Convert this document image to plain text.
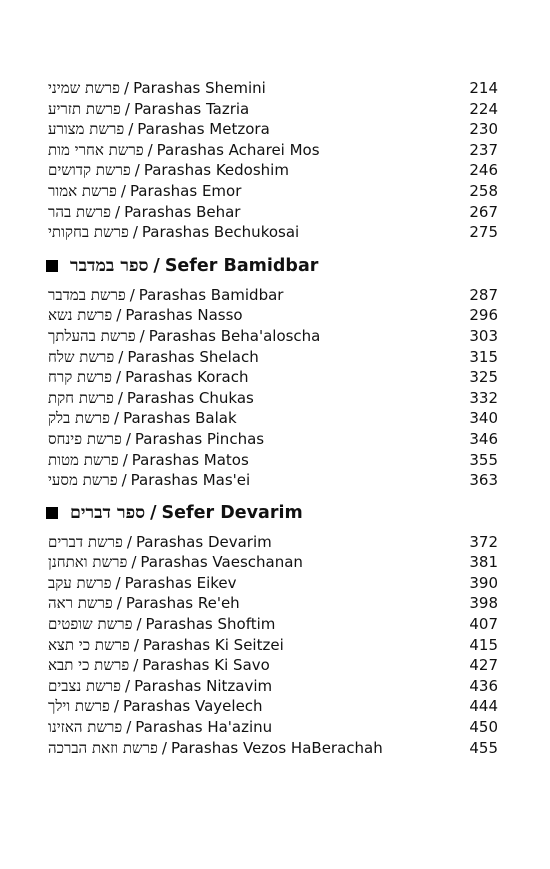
פרשת שמיני / Parashas Shemini	214
פרשת תזריע / Parashas Tazria	224
פרשת מצורע / Parashas Metzora	230
פרשת אחרי מות / Parashas Acharei Mos	237
פרשת קדושים / Parashas Kedoshim	246
פרשת אמור / Parashas Emor	258
פרשת בהר / Parashas Behar	267
פרשת בחקותי / Parashas Bechukosai	275
ספר במדבר / Sefer Bamidbar
פרשת במדבר / Parashas Bamidbar	287
פרשת נשא / Parashas Nasso	296
פרשת בהעלתך / Parashas Beha'aloscha	303
פרשת שלח / Parashas Shelach	315
פרשת קרח / Parashas Korach	325
פרשת חקת / Parashas Chukas	332
פרשת בלק / Parashas Balak	340
פרשת פינחס / Parashas Pinchas	346
פרשת מטות / Parashas Matos	355
פרשת מסעי / Parashas Mas'ei	363
ספר דברים / Sefer Devarim
פרשת דברים / Parashas Devarim	372
פרשת ואתחנן / Parashas Vaeschanan	381
פרשת עקב / Parashas Eikev	390
פרשת ראה / Parashas Re'eh	398
פרשת שופטים / Parashas Shoftim	407
פרשת כי תצא / Parashas Ki Seitzei	415
פרשת כי תבא / Parashas Ki Savo	427
פרשת נצבים / Parashas Nitzavim	436
פרשת וילך / Parashas Vayelech	444
פרשת האזינו / Parashas Ha'azinu	450
פרשת וזאת הברכה / Parashas Vezos HaBerachah	455
